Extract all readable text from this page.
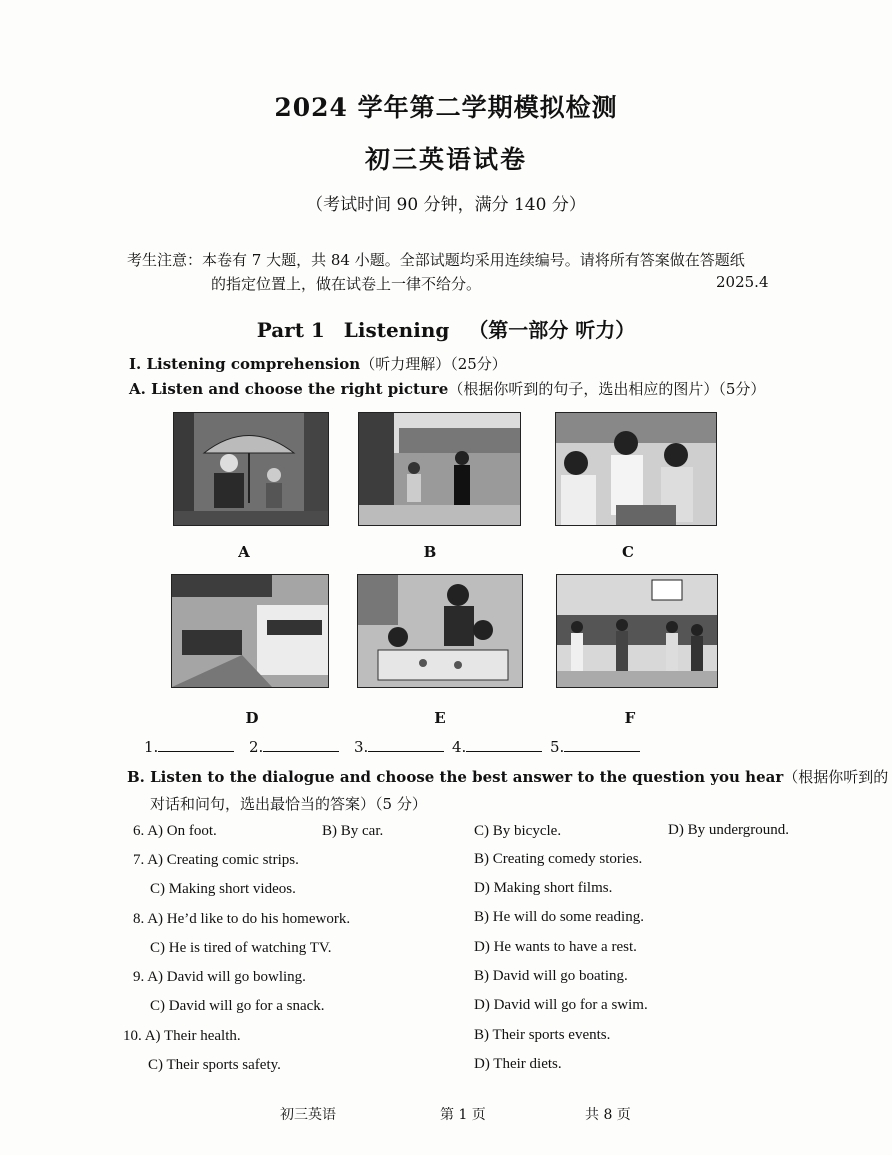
2024 学年第二学期模拟检测
初三英语试卷
（考试时间 90 分钟，满分 140 分）
考生注意：本卷有 7 大题，共 84 小题。全部试题均采用连续编号。请将所有答案做在答题纸
的指定位置上，做在试卷上一律不给分。	2025.4
Part 1 Listening （第一部分 听力）
I. Listening comprehension（听力理解）（25分）
A. Listen and choose the right picture（根据你听到的句子，选出相应的图片）（5分）
A	B	C
D	E	F
1.	2.	3.	4.	5.
B. Listen to the dialogue and choose the best answer to the question you hear（根据你听到的
对话和问句，选出最恰当的答案）（5 分）
6. A) On foot.	B) By car.	C) By bicycle.	D) By underground.
7. A) Creating comic strips.	B) Creating comedy stories.
C) Making short videos.	D) Making short films.
8. A) He’d like to do his homework.	B) He will do some reading.
C) He is tired of watching TV.	D) He wants to have a rest.
9. A) David will go bowling.	B) David will go boating.
C) David will go for a snack.	D) David will go for a swim.
10. A) Their health.	B) Their sports events.
C) Their sports safety.	D) Their diets.
初三英语	第 1 页	共 8 页
